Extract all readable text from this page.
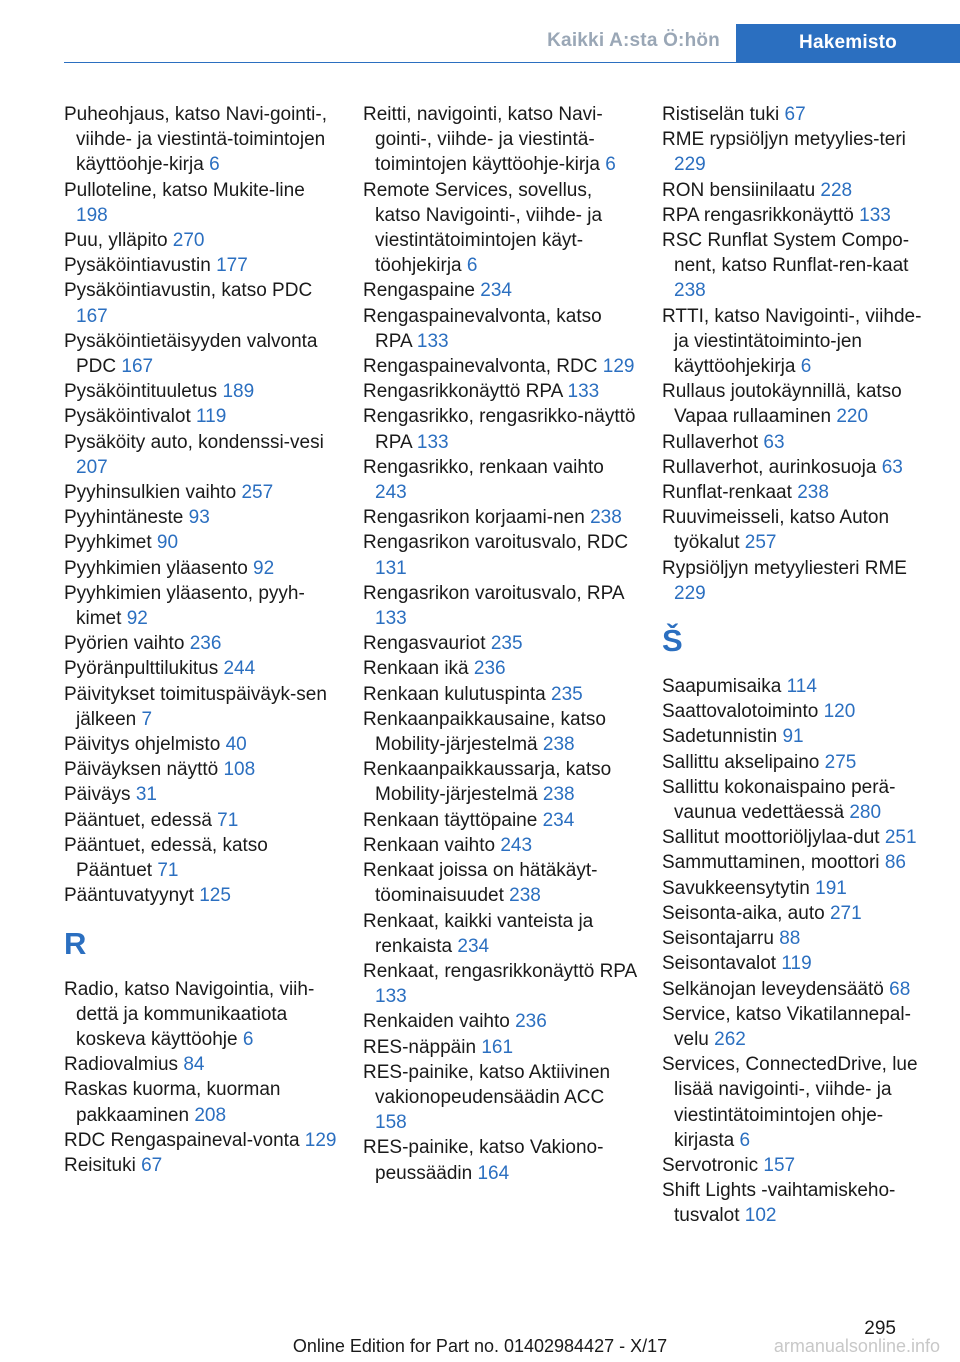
Kaikki A:sta Ö:hön	Hakemisto
Puheohjaus, katso Navi-gointi-, viihde- ja viestintä-toimintojen käyttöohje-kirja 6
Pulloteline, katso Mukite-line 198
Puu, ylläpito 270
Pysäköintiavustin 177
Pysäköintiavustin, katso PDC 167
Pysäköintietäisyyden valvonta PDC 167
Pysäköintituuletus 189
Pysäköintivalot 119
Pysäköity auto, kondenssi-vesi 207
Pyyhinsulkien vaihto 257
Pyyhintäneste 93
Pyyhkimet 90
Pyyhkimien yläasento 92
Pyyhkimien yläasento, pyyh-kimet 92
Pyörien vaihto 236
Pyöränpulttilukitus 244
Päivitykset toimituspäiväyk-sen jälkeen 7
Päivitys ohjelmisto 40
Päiväyksen näyttö 108
Päiväys 31
Pääntuet, edessä 71
Pääntuet, edessä, katso Pääntuet 71
Pääntuvatyynyt 125
R
Radio, katso Navigointia, viih-dettä ja kommunikaatiota koskeva käyttöohje 6
Radiovalmius 84
Raskas kuorma, kuorman pakkaaminen 208
RDC Rengaspaineval-vonta 129
Reisituki 67
Reitti, navigointi, katso Navi-gointi-, viihde- ja viestintä-toimintojen käyttöohje-kirja 6
Remote Services, sovellus, katso Navigointi-, viihde- ja viestintätoimintojen käyt-töohjekirja 6
Rengaspaine 234
Rengaspainevalvonta, katso RPA 133
Rengaspainevalvonta, RDC 129
Rengasrikkonäyttö RPA 133
Rengasrikko, rengasrikko-näyttö RPA 133
Rengasrikko, renkaan vaihto 243
Rengasrikon korjaami-nen 238
Rengasrikon varoitusvalo, RDC 131
Rengasrikon varoitusvalo, RPA 133
Rengasvauriot 235
Renkaan ikä 236
Renkaan kulutuspinta 235
Renkaanpaikkausaine, katso Mobility-järjestelmä 238
Renkaanpaikkaussarja, katso Mobility-järjestelmä 238
Renkaan täyttöpaine 234
Renkaan vaihto 243
Renkaat joissa on hätäkäyt-töominaisuudet 238
Renkaat, kaikki vanteista ja renkaista 234
Renkaat, rengasrikkonäyttö RPA 133
Renkaiden vaihto 236
RES-näppäin 161
RES-painike, katso Aktiivinen vakionopeudensäädin ACC 158
RES-painike, katso Vakiono-peussäädin 164
Ristiselän tuki 67
RME rypsiöljyn metyylies-teri 229
RON bensiinilaatu 228
RPA rengasrikkonäyttö 133
RSC Runflat System Compo-nent, katso Runflat-ren-kaat 238
RTTI, katso Navigointi-, viihde- ja viestintätoiminto-jen käyttöohjekirja 6
Rullaus joutokäynnillä, katso Vapaa rullaaminen 220
Rullaverhot 63
Rullaverhot, aurinkosuoja 63
Runflat-renkaat 238
Ruuvimeisseli, katso Auton työkalut 257
Rypsiöljyn metyyliesteri RME 229
Š
Saapumisaika 114
Saattovalotoiminto 120
Sadetunnistin 91
Sallittu akselipaino 275
Sallittu kokonaispaino perä-vaunua vedettäessä 280
Sallitut moottoriöljylaa-dut 251
Sammuttaminen, moottori 86
Savukkeensytytin 191
Seisonta-aika, auto 271
Seisontajarru 88
Seisontavalot 119
Selkänojan leveydensäätö 68
Service, katso Vikatilannepal-velu 262
Services, ConnectedDrive, lue lisää navigointi-, viihde- ja viestintätoimintojen ohje-kirjasta 6
Servotronic 157
Shift Lights -vaihtamiskeho-tusvalot 102
295
Online Edition for Part no. 01402984427 - X/17	armanualsonline.info
